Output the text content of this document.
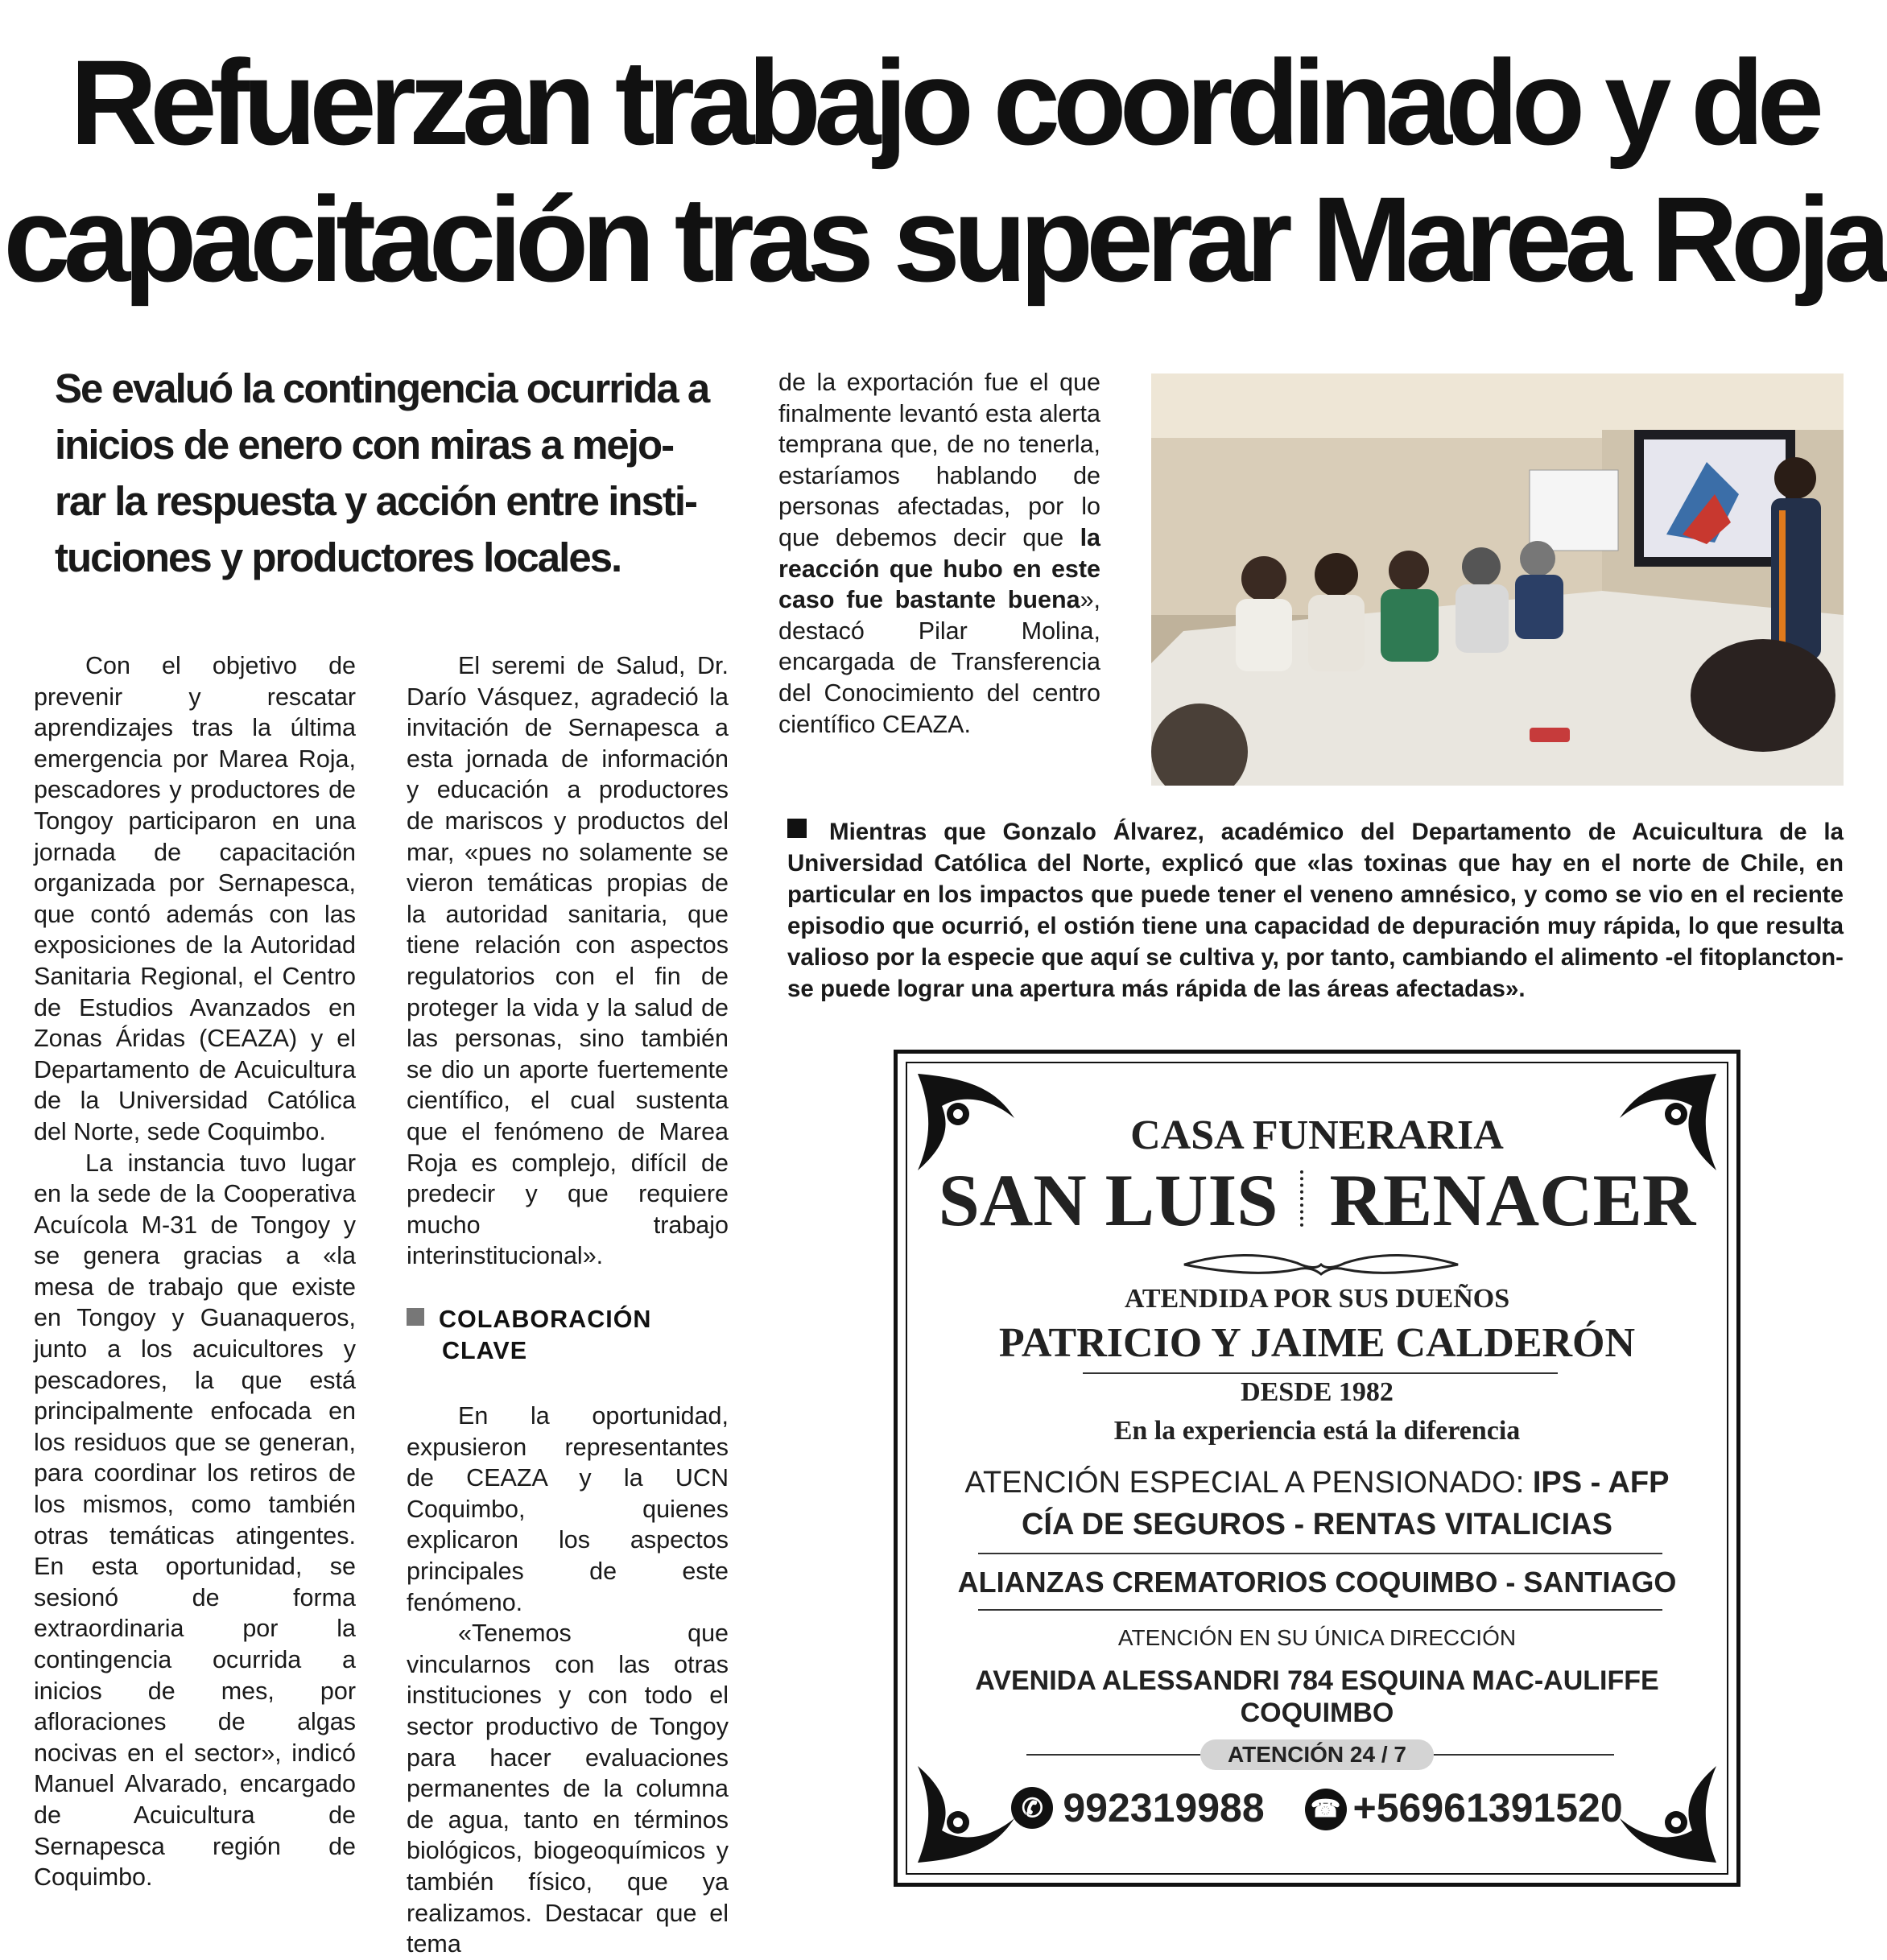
Refuerzan trabajo coordinado y de
capacitación tras superar Marea Roja
Se evaluó la contingencia ocurrida a inicios de enero con miras a mejo- rar la respuesta y acción entre insti- tuciones y productores locales.

Con el objetivo de prevenir y rescatar aprendizajes tras la última emergencia por Marea Roja, pescadores y productores de Tongoy participaron en una jornada de capacitación organizada por Sernapesca, que contó además con las exposiciones de la Autoridad Sanitaria Regional, el Centro de Estudios Avanzados en Zonas Áridas (CEAZA) y el Departamento de Acuicultura de la Universidad Católica del Norte, sede Coquimbo.

La instancia tuvo lugar en la sede de la Cooperativa Acuícola M-31 de Tongoy y se genera gracias a «la mesa de trabajo que existe en Tongoy y Guanaqueros, junto a los acuicultores y pescadores, la que está principalmente enfocada en los residuos que se generan, para coordinar los retiros de los mismos, como también otras temáticas atingentes. En esta oportunidad, se sesionó de forma extraordinaria por la contingencia ocurrida a inicios de mes, por afloraciones de algas nocivas en el sector», indicó Manuel Alvarado, encargado de Acuicultura de Sernapesca región de Coquimbo.

El seremi de Salud, Dr. Darío Vásquez, agradeció la invitación de Sernapesca a esta jornada de información y educación a productores de mariscos y productos del mar, «pues no solamente se vieron temáticas propias de la autoridad sanitaria, que tiene relación con aspectos regulatorios con el fin de proteger la vida y la salud de las personas, sino también se dio un aporte fuertemente científico, el cual sustenta que el fenómeno de Marea Roja es complejo, difícil de predecir y que requiere mucho trabajo interinstitucional».

COLABORACIÓN
CLAVE

En la oportunidad, expusieron representantes de CEAZA y la UCN Coquimbo, quienes explicaron los aspectos principales de este fenómeno.

«Tenemos que vincularnos con las otras instituciones y con todo el sector productivo de Tongoy para hacer evaluaciones permanentes de la columna de agua, tanto en términos biológicos, biogeoquímicos y también físico, que ya realizamos. Destacar que el tema

de la exportación fue el que finalmente levantó esta alerta temprana que, de no tenerla, estaríamos hablando de personas afectadas, por lo que debemos decir que la reacción que hubo en este caso fue bastante buena», destacó Pilar Molina, encargada de Transferencia del Conocimiento del centro científico CEAZA.

Mientras que Gonzalo Álvarez, académico del Departamento de Acuicultura de la Universidad Católica del Norte, explicó que «las toxinas que hay en el norte de Chile, en particular en los impactos que puede tener el veneno amnésico, y como se vio en el reciente episodio que ocurrió, el ostión tiene una capacidad de depuración muy rápida, lo que resulta valioso por la especie que aquí se cultiva y, por tanto, cambiando el alimento -el fitoplancton- se puede lograr una apertura más rápida de las áreas afectadas».
CASA FUNERARIA
SAN LUIS RENACER
ATENDIDA POR SUS DUEÑOS
PATRICIO Y JAIME CALDERÓN
DESDE 1982
En la experiencia está la diferencia
ATENCIÓN ESPECIAL A PENSIONADO: IPS - AFP
CÍA DE SEGUROS - RENTAS VITALICIAS
ALIANZAS CREMATORIOS COQUIMBO - SANTIAGO
ATENCIÓN EN SU ÚNICA DIRECCIÓN
AVENIDA ALESSANDRI 784 ESQUINA MAC-AULIFFE
COQUIMBO
ATENCIÓN 24 / 7
✆ 992319988 ☎ +56961391520
